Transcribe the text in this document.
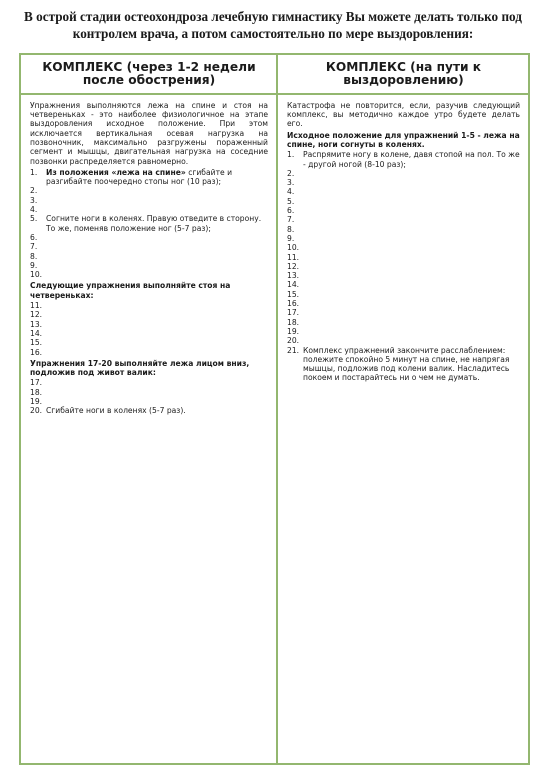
В острой стадии остеохондроза лечебную гимнастику Вы можете делать только под контролем врача, а потом самостоятельно по мере выздоровления:
КОМПЛЕКС (через 1-2 недели после обострения)

Упражнения выполняются лежа на спине и стоя на четвереньках - это наиболее физиологичное на этапе выздоровления исходное положение. При этом исключается вертикальная осевая нагрузка на позвоночник, максимально разгружены пораженный сегмент и мышцы, двигательная нагрузка на соседние позвонки распределяется равномерно.

1.	Из положения «лежа на спине» сгибайте и разгибайте поочередно стопы ног (10 раз);
2.
3.
4.
5.	Согните ноги в коленях. Правую отведите в сторону. То же, поменяв положение ног (5-7 раз);
6.
7.
8.
9.
10.
Следующие упражнения выполняйте стоя на четвереньках:
11.
12.
13.
14.
15.
16.
Упражнения 17-20 выполняйте лежа лицом вниз, подложив под живот валик:
17.
18.
19.
20. Сгибайте ноги в коленях (5-7 раз).
КОМПЛЕКС (на пути к выздоровлению)

Катастрофа не повторится, если, разучив следующий комплекс, вы методично каждое утро будете делать его.

Исходное положение для упражнений 1-5 - лежа на спине, ноги согнуты в коленях.
1.	Распрямите ногу в колене, давя стопой на пол. То же - другой ногой (8-10 раз);
2.
3.
4.
5.
6.
7.
8.
9.
10.
11.
12.
13.
14.
15.
16.
17.
18.
19.
20.
21. Комплекс упражнений закончите расслаблением: полежите спокойно 5 минут на спине, не напрягая мышцы, подложив под колени валик. Насладитесь покоем и постарайтесь ни о чем не думать.
